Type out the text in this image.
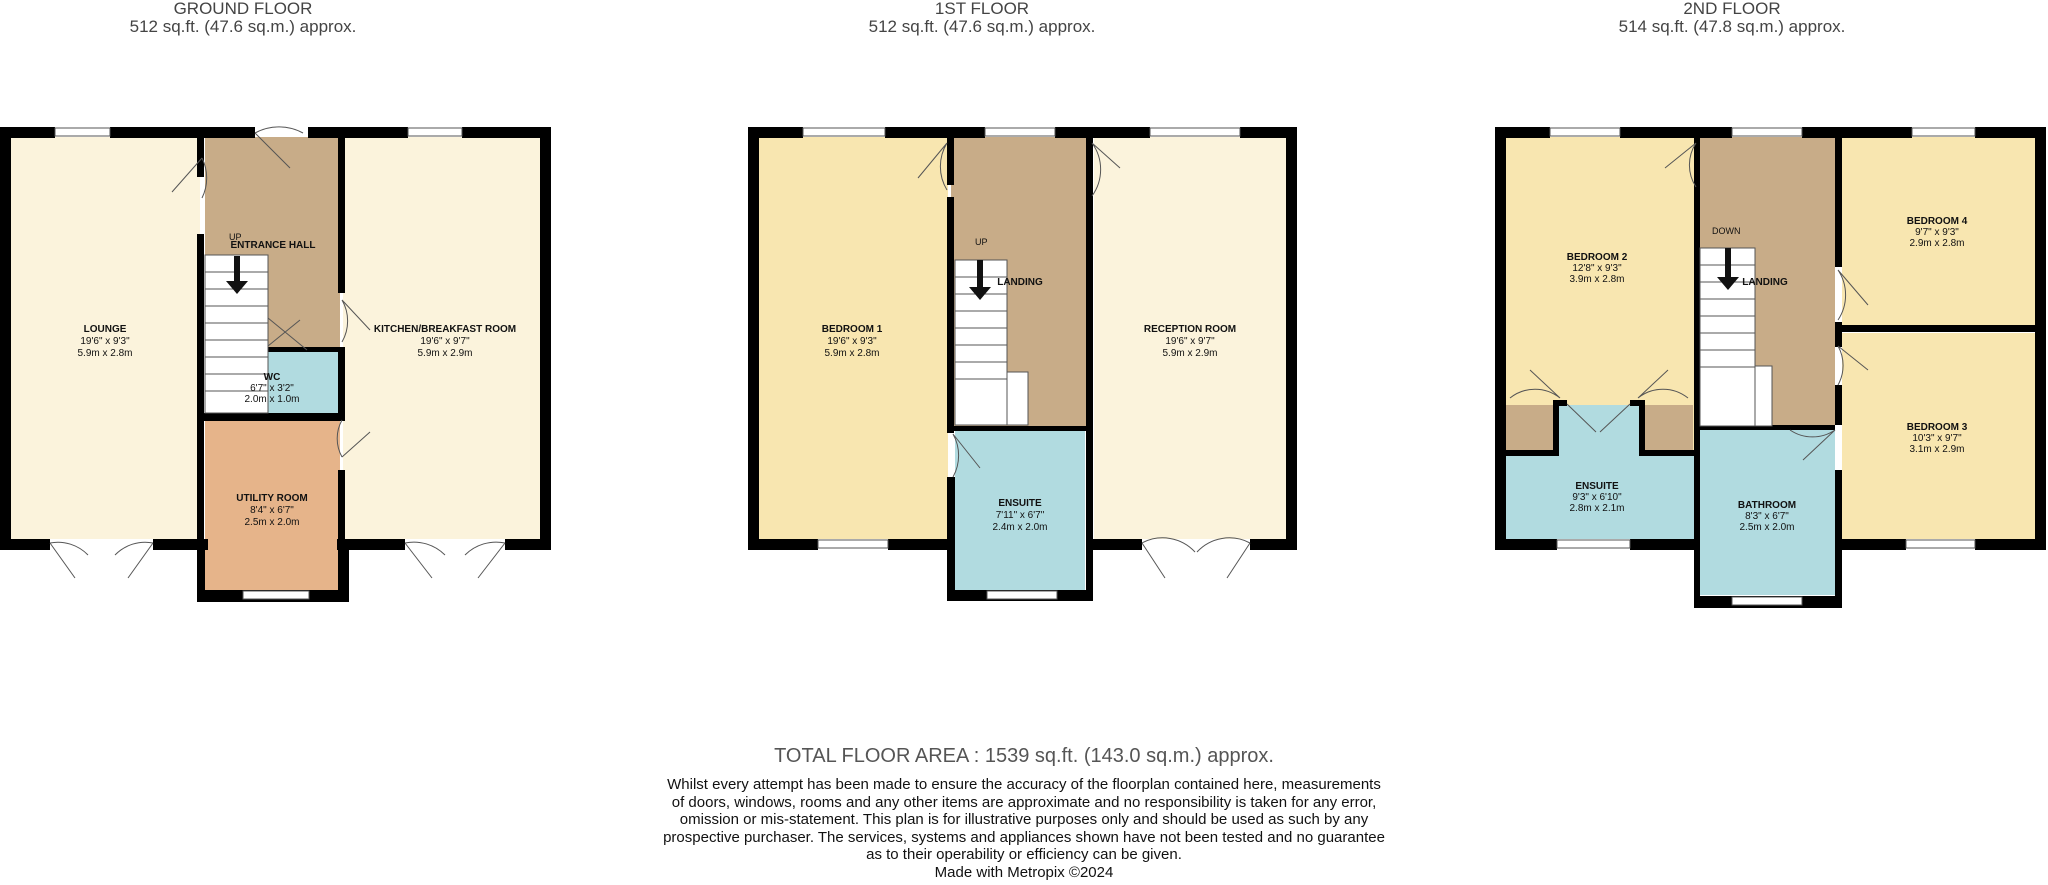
GROUND FLOOR
512 sq.ft. (47.6 sq.m.) approx.
1ST FLOOR
512 sq.ft. (47.6 sq.m.) approx.
2ND FLOOR
514 sq.ft. (47.8 sq.m.) approx.
UP
LOUNGE
19'6" x 9'3"
5.9m x 2.8m
ENTRANCE HALL
KITCHEN/BREAKFAST ROOM
19'6" x 9'7"
5.9m x 2.9m
WC
6'7" x 3'2"
2.0m x 1.0m
UTILITY ROOM
8'4" x 6'7"
2.5m x 2.0m
UP
BEDROOM 1
19'6" x 9'3"
5.9m x 2.8m
LANDING
RECEPTION ROOM
19'6" x 9'7"
5.9m x 2.9m
ENSUITE
7'11" x 6'7"
2.4m x 2.0m
DOWN
BEDROOM 2
12'8" x 9'3"
3.9m x 2.8m	LANDING
BEDROOM 4
9'7" x 9'3"
2.9m x 2.8m
BEDROOM 3
10'3" x 9'7"
3.1m x 2.9m
ENSUITE
9'3" x 6'10"
2.8m x 2.1m	BATHROOM
8'3" x 6'7"
2.5m x 2.0m
TOTAL FLOOR AREA : 1539 sq.ft. (143.0 sq.m.) approx.
Whilst every attempt has been made to ensure the accuracy of the floorplan contained here, measurements
of doors, windows, rooms and any other items are approximate and no responsibility is taken for any error,
omission or mis-statement. This plan is for illustrative purposes only and should be used as such by any
prospective purchaser. The services, systems and appliances shown have not been tested and no guarantee
as to their operability or efficiency can be given.
Made with Metropix ©2024
